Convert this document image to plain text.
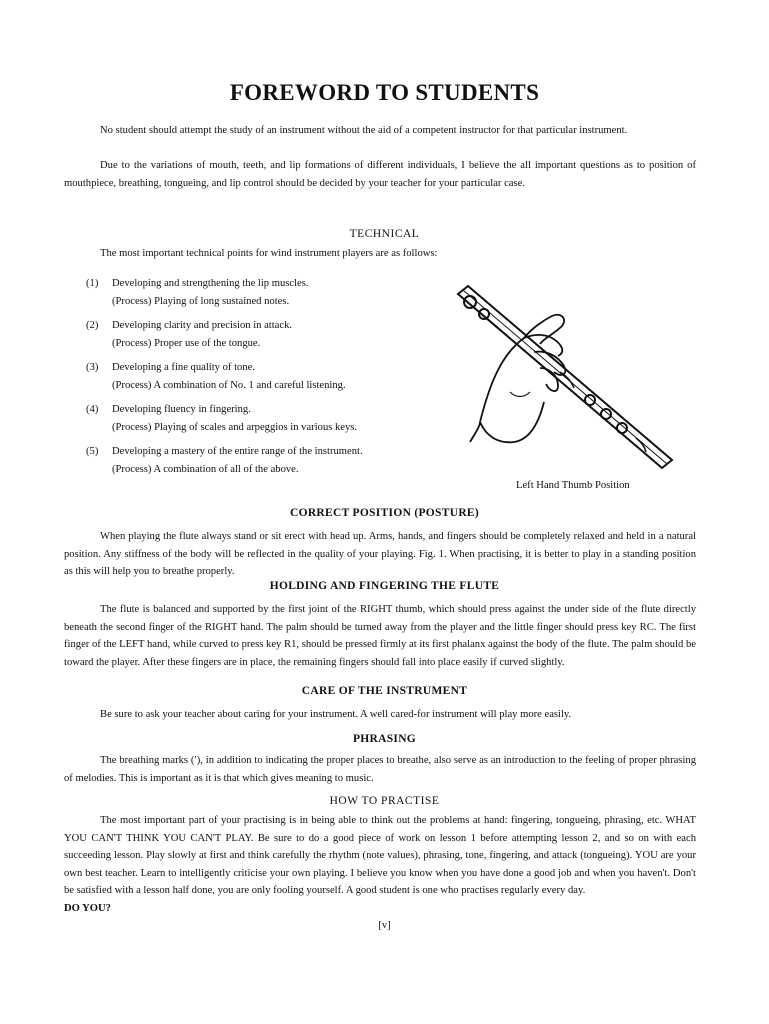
FOREWORD TO STUDENTS

No student should attempt the study of an instrument without the aid of a competent instructor for that particular instrument.

Due to the variations of mouth, teeth, and lip formations of different individuals, I believe the all important questions as to position of mouthpiece, breathing, tongueing, and lip control should be decided by your teacher for your particular case.

TECHNICAL
The most important technical points for wind instrument players are as follows:
(1) Developing and strengthening the lip muscles.
(Process) Playing of long sustained notes.
(2) Developing clarity and precision in attack.
(Process) Proper use of the tongue.
(3) Developing a fine quality of tone.
(Process) A combination of No. 1 and careful listening.
(4) Developing fluency in fingering.
(Process) Playing of scales and arpeggios in various keys.
(5) Developing a mastery of the entire range of the instrument.
(Process) A combination of all of the above.
Left Hand Thumb Position
CORRECT POSITION (POSTURE)

When playing the flute always stand or sit erect with head up. Arms, hands, and fingers should be completely relaxed and held in a natural position. Any stiffness of the body will be reflected in the quality of your playing. Fig. 1. When practising, it is better to play in a standing position as this will help you to breathe properly.

HOLDING AND FINGERING THE FLUTE

The flute is balanced and supported by the first joint of the RIGHT thumb, which should press against the under side of the flute directly beneath the second finger of the RIGHT hand. The palm should be turned away from the player and the little finger should press key RC. The first finger of the LEFT hand, while curved to press key R1, should be pressed firmly at its first phalanx against the body of the flute. The palm should be toward the player. After these fingers are in place, the remaining fingers should fall into place easily if curved slightly.

CARE OF THE INSTRUMENT

Be sure to ask your teacher about caring for your instrument. A well cared-for instrument will play more easily.

PHRASING

The breathing marks (′), in addition to indicating the proper places to breathe, also serve as an introduction to the feeling of proper phrasing of melodies. This is important as it is that which gives meaning to music.

HOW TO PRACTISE

The most important part of your practising is in being able to think out the problems at hand: fingering, tongueing, phrasing, etc. WHAT YOU CAN'T THINK YOU CAN'T PLAY. Be sure to do a good piece of work on lesson 1 before attempting lesson 2, and so on with each succeeding lesson. Play slowly at first and think carefully the rhythm (note values), phrasing, tone, fingering, and attack (tongueing). YOU are your own best teacher. Learn to intelligently criticise your own playing. I believe you know when you have done a good job and when you haven't. Don't be satisfied with a lesson half done, you are only fooling yourself. A good student is one who practises regularly every day.
DO YOU?

[v]
